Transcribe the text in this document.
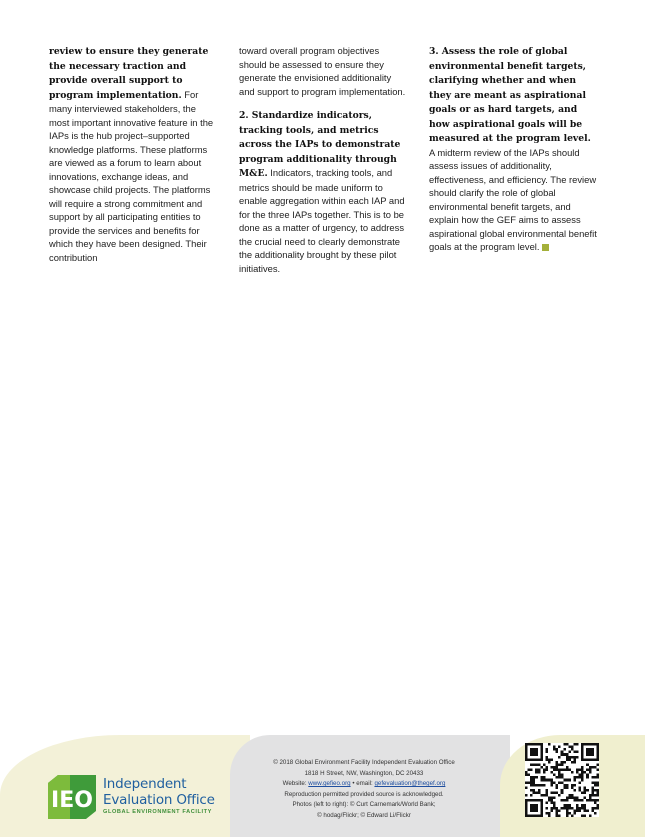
review to ensure they generate the necessary traction and provide overall support to program implementation. For many interviewed stakeholders, the most important innovative feature in the IAPs is the hub project–supported knowledge platforms. These platforms are viewed as a forum to learn about innovations, exchange ideas, and showcase child projects. The platforms will require a strong commitment and support by all participating entities to provide the services and benefits for which they have been designed. Their contribution

toward overall program objectives should be assessed to ensure they generate the envisioned additionality and support to program implementation.

2. Standardize indicators, tracking tools, and metrics across the IAPs to demonstrate program additionality through M&E. Indicators, tracking tools, and metrics should be made uniform to enable aggregation within each IAP and for the three IAPs together. This is to be done as a matter of urgency, to address the crucial need to clearly demonstrate the additionality brought by these pilot initiatives.

3. Assess the role of global environmental benefit targets, clarifying whether and when they are meant as aspirational goals or as hard targets, and how aspirational goals will be measured at the program level.

A midterm review of the IAPs should assess issues of additionality, effectiveness, and efficiency. The review should clarify the role of global environmental benefit targets, and explain how the GEF aims to assess aspirational global environmental benefit goals at the program level.

IEO
Independent
Evaluation Office
GLOBAL ENVIRONMENT FACILITY
© 2018 Global Environment Facility Independent Evaluation Office
1818 H Street, NW, Washington, DC 20433
Website: www.gefieo.org • email: gefevaluation@thegef.org
Reproduction permitted provided source is acknowledged.
Photos (left to right): © Curt Carnemark/World Bank;
© hodag/Flickr; © Edward Li/Flickr
